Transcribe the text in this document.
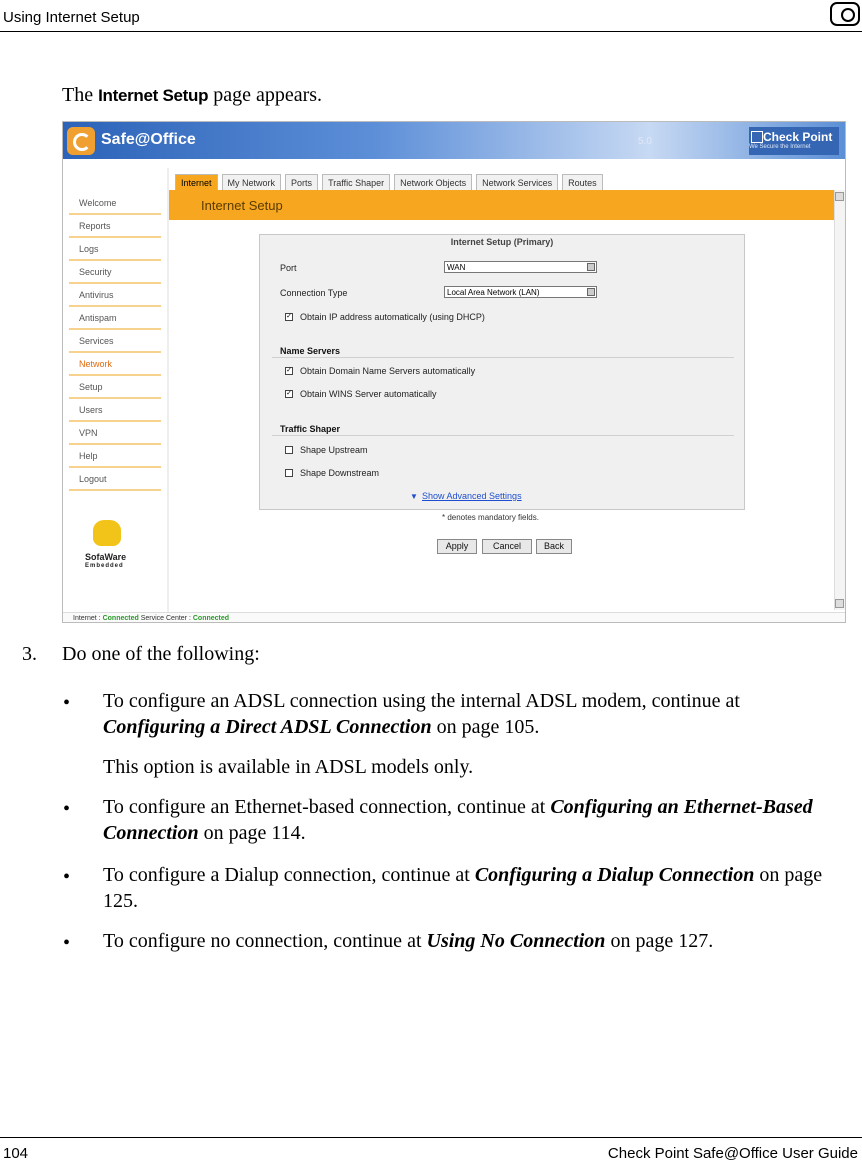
Using Internet Setup
The Internet Setup page appears.
Safe@Office	5.0	Check Point
We Secure the Internet
Welcome
Reports
Logs
Security
Antivirus
Antispam
Services
Network
Setup
Users
VPN
Help
Logout
SofaWare
Embedded
Internet	My Network	Ports	Traffic Shaper	Network Objects	Network Services	Routes
Internet Setup
Internet Setup (Primary)
Port	WAN
Connection Type	Local Area Network (LAN)
✓ Obtain IP address automatically (using DHCP)
Name Servers
✓ Obtain Domain Name Servers automatically
✓ Obtain WINS Server automatically
Traffic Shaper
Shape Upstream
Shape Downstream
▼ Show Advanced Settings
* denotes mandatory fields.
Apply	Cancel	Back
Internet : Connected Service Center : Connected
3. Do one of the following:
• To configure an ADSL connection using the internal ADSL modem, continue at Configuring a Direct ADSL Connection on page 105.
This option is available in ADSL models only.
• To configure an Ethernet-based connection, continue at Configuring an Ethernet-Based Connection on page 114.
• To configure a Dialup connection, continue at Configuring a Dialup Connection on page 125.
• To configure no connection, continue at Using No Connection on page 127.
104	Check Point Safe@Office User Guide
